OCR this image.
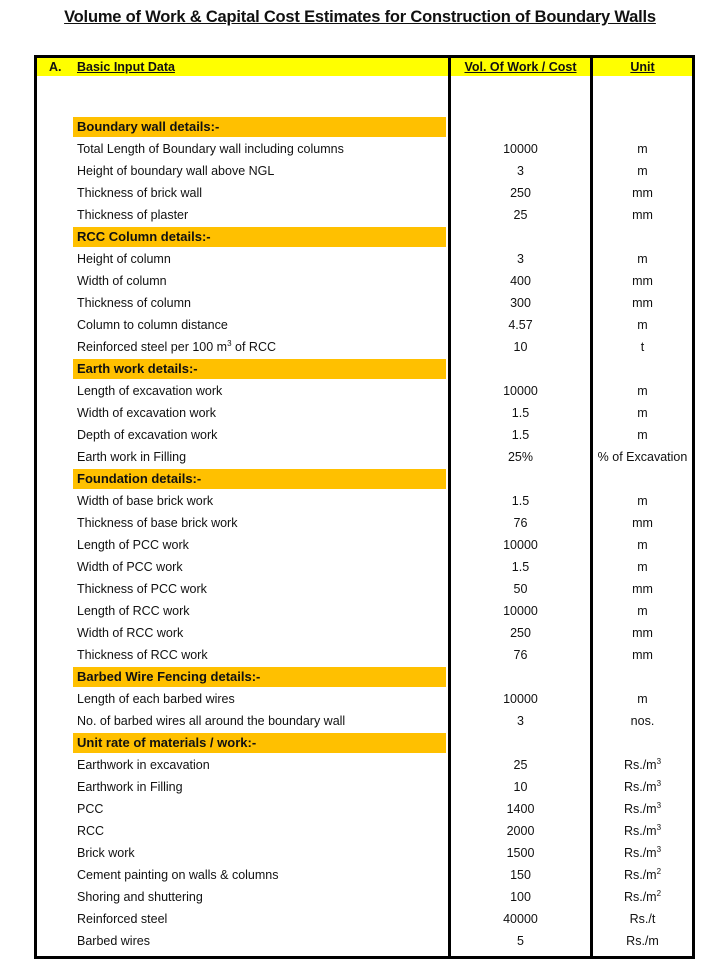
Volume of Work & Capital Cost Estimates for Construction of Boundary Walls
A. Basic Input Data	Vol. Of Work / Cost	Unit
Boundary wall details:-
Total Length of Boundary wall including columns	10000	m
Height of boundary wall above NGL	3	m
Thickness of brick wall	250	mm
Thickness of plaster	25	mm
RCC Column details:-
Height of column	3	m
Width of column	400	mm
Thickness of column	300	mm
Column to column distance	4.57	m
Reinforced steel per 100 $m^3$ of RCC	10	t
Earth work details:-
Length of excavation work	10000	m
Width of excavation work	1.5	m
Depth of excavation work	1.5	m
Earth work in Filling	25%	% of Excavation
Foundation details:-
Width of base brick work	1.5	m
Thickness of base brick work	76	mm
Length of PCC work	10000	m
Width of PCC work	1.5	m
Thickness of PCC work	50	mm
Length of RCC work	10000	m
Width of RCC work	250	mm
Thickness of RCC work	76	mm
Barbed Wire Fencing details:-
Length of each barbed wires	10000	m
No. of barbed wires all around the boundary wall	3	nos.
Unit rate of materials / work:-
Earthwork in excavation	25	$Rs./m^3$
Earthwork in Filling	10	$Rs./m^3$
PCC	1400	$Rs./m^3$
RCC	2000	$Rs./m^3$
Brick work	1500	$Rs./m^3$
Cement painting on walls & columns	150	$Rs./m^2$
Shoring and shuttering	100	$Rs./m^2$
Reinforced steel	40000	Rs./t
Barbed wires	5	Rs./m
